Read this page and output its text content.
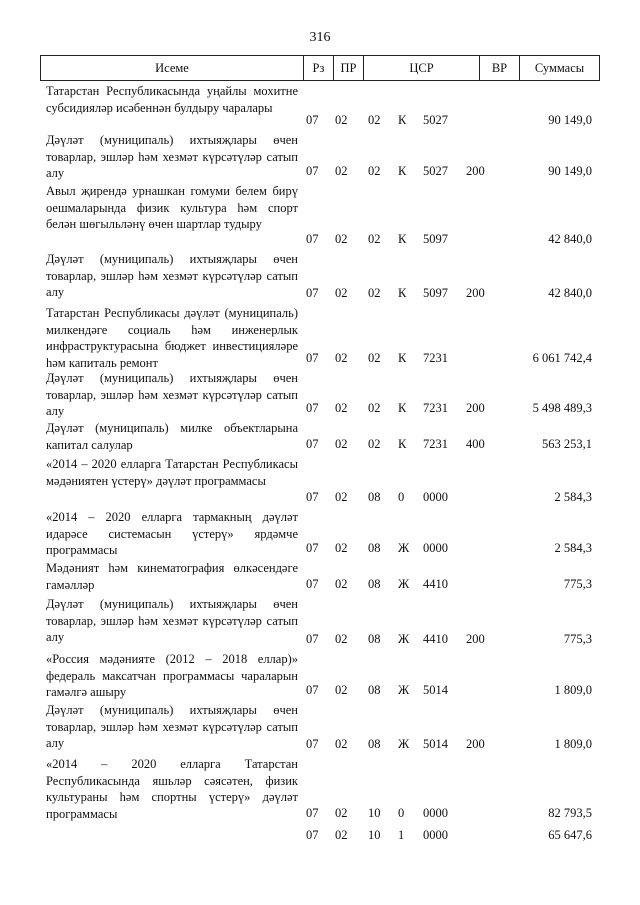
316
Исеме	Рз	ПР	ЦСР	ВР	Суммасы
Татарстан Республикасында уңайлы мохитне субсидияләр исәбеннән булдыру чаралары
07 02 02 К 5027	90 149,0
Дәүләт (муниципаль) ихтыяҗлары өчен товарлар, эшләр һәм хезмәт күрсәтүләр сатып алу	07 02 02 К 5027 200	90 149,0
Авыл җирендә урнашкан гомуми белем бирү оешмаларында физик культура һәм спорт белән шөгыльләнү өчен шартлар тудыру
07 02 02 К 5097	42 840,0
Дәүләт (муниципаль) ихтыяҗлары өчен товарлар, эшләр һәм хезмәт күрсәтүләр сатып алу	07 02 02 К 5097 200	42 840,0
Татарстан Республикасы дәүләт (муниципаль) милкендәге социаль һәм инженерлык инфраструктурасына бюджет инвестицияләре һәм капиталь ремонт	07 02 02 К 7231	6 061 742,4
Дәүләт (муниципаль) ихтыяҗлары өчен товарлар, эшләр һәм хезмәт күрсәтүләр сатып алу	07 02 02 К 7231 200	5 498 489,3
Дәүләт (муниципаль) милке объектларына капитал салулар	07 02 02 К 7231 400	563 253,1
«2014 – 2020 елларга Татарстан Республикасы мәдәниятен үстерү» дәүләт программасы
07 02 08 0 0000	2 584,3
«2014 – 2020 елларга тармакның дәүләт идарәсе системасын үстерү» ярдәмче программасы	07 02 08 Ж 0000	2 584,3
Мәдәният һәм кинематография өлкәсендәге гамәлләр	07 02 08 Ж 4410	775,3
Дәүләт (муниципаль) ихтыяҗлары өчен товарлар, эшләр һәм хезмәт күрсәтүләр сатып алу	07 02 08 Ж 4410 200	775,3
«Россия мәдәнияте (2012 – 2018 еллар)» федераль максатчан программасы чараларын гамәлгә ашыру	07 02 08 Ж 5014	1 809,0
Дәүләт (муниципаль) ихтыяҗлары өчен товарлар, эшләр һәм хезмәт күрсәтүләр сатып алу	07 02 08 Ж 5014 200	1 809,0
«2014 – 2020 елларга Татарстан Республикасында яшьләр сәясәтен, физик культураны һәм спортны үстерү» дәүләт программасы	07 02 10 0 0000	82 793,5
07 02 10 1 0000	65 647,6
